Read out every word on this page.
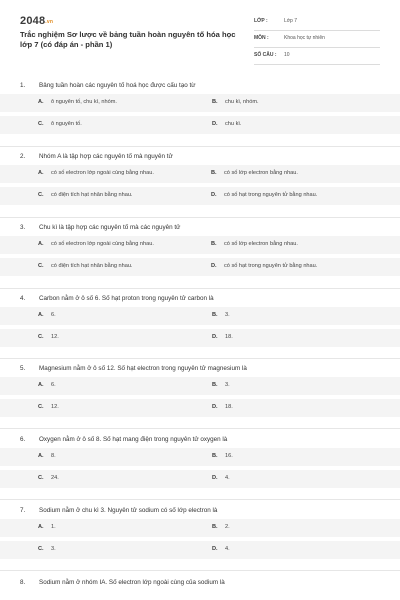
2048.vn
Trắc nghiệm Sơ lược về bảng tuần hoàn nguyên tố hóa học
lớp 7 (có đáp án - phần 1)
LỚP :	Lớp 7
MÔN :	Khoa học tự nhiên
SỐ CÂU : 10
1. Bảng tuần hoàn các nguyên tố hoá học được cấu tạo từ
A. ô nguyên tố, chu kì, nhóm.	B. chu kì, nhóm.
C. ô nguyên tố.	D. chu kì.
2. Nhóm A là tập hợp các nguyên tố mà nguyên tử
A. có số electron lớp ngoài cùng bằng nhau.	B. có số lớp electron bằng nhau.
C. có điện tích hạt nhân bằng nhau.	D. có số hạt trong nguyên tử bằng nhau.
3. Chu kì là tập hợp các nguyên tố mà các nguyên tử
A. có số electron lớp ngoài cùng bằng nhau.	B. có số lớp electron bằng nhau.
C. có điện tích hạt nhân bằng nhau.	D. có số hạt trong nguyên tử bằng nhau.
4. Carbon nằm ở ô số 6. Số hạt proton trong nguyên tử carbon là
A. 6.	B. 3.
C. 12.	D. 18.
5. Magnesium nằm ở ô số 12. Số hạt electron trong nguyên tử magnesium là
A. 6.	B. 3.
C. 12.	D. 18.
6. Oxygen nằm ở ô số 8. Số hạt mang điện trong nguyên tử oxygen là
A. 8.	B. 16.
C. 24.	D. 4.
7. Sodium nằm ở chu kì 3. Nguyên tử sodium có số lớp electron là
A. 1.	B. 2.
C. 3.	D. 4.
8. Sodium nằm ở nhóm IA. Số electron lớp ngoài cùng của sodium là
